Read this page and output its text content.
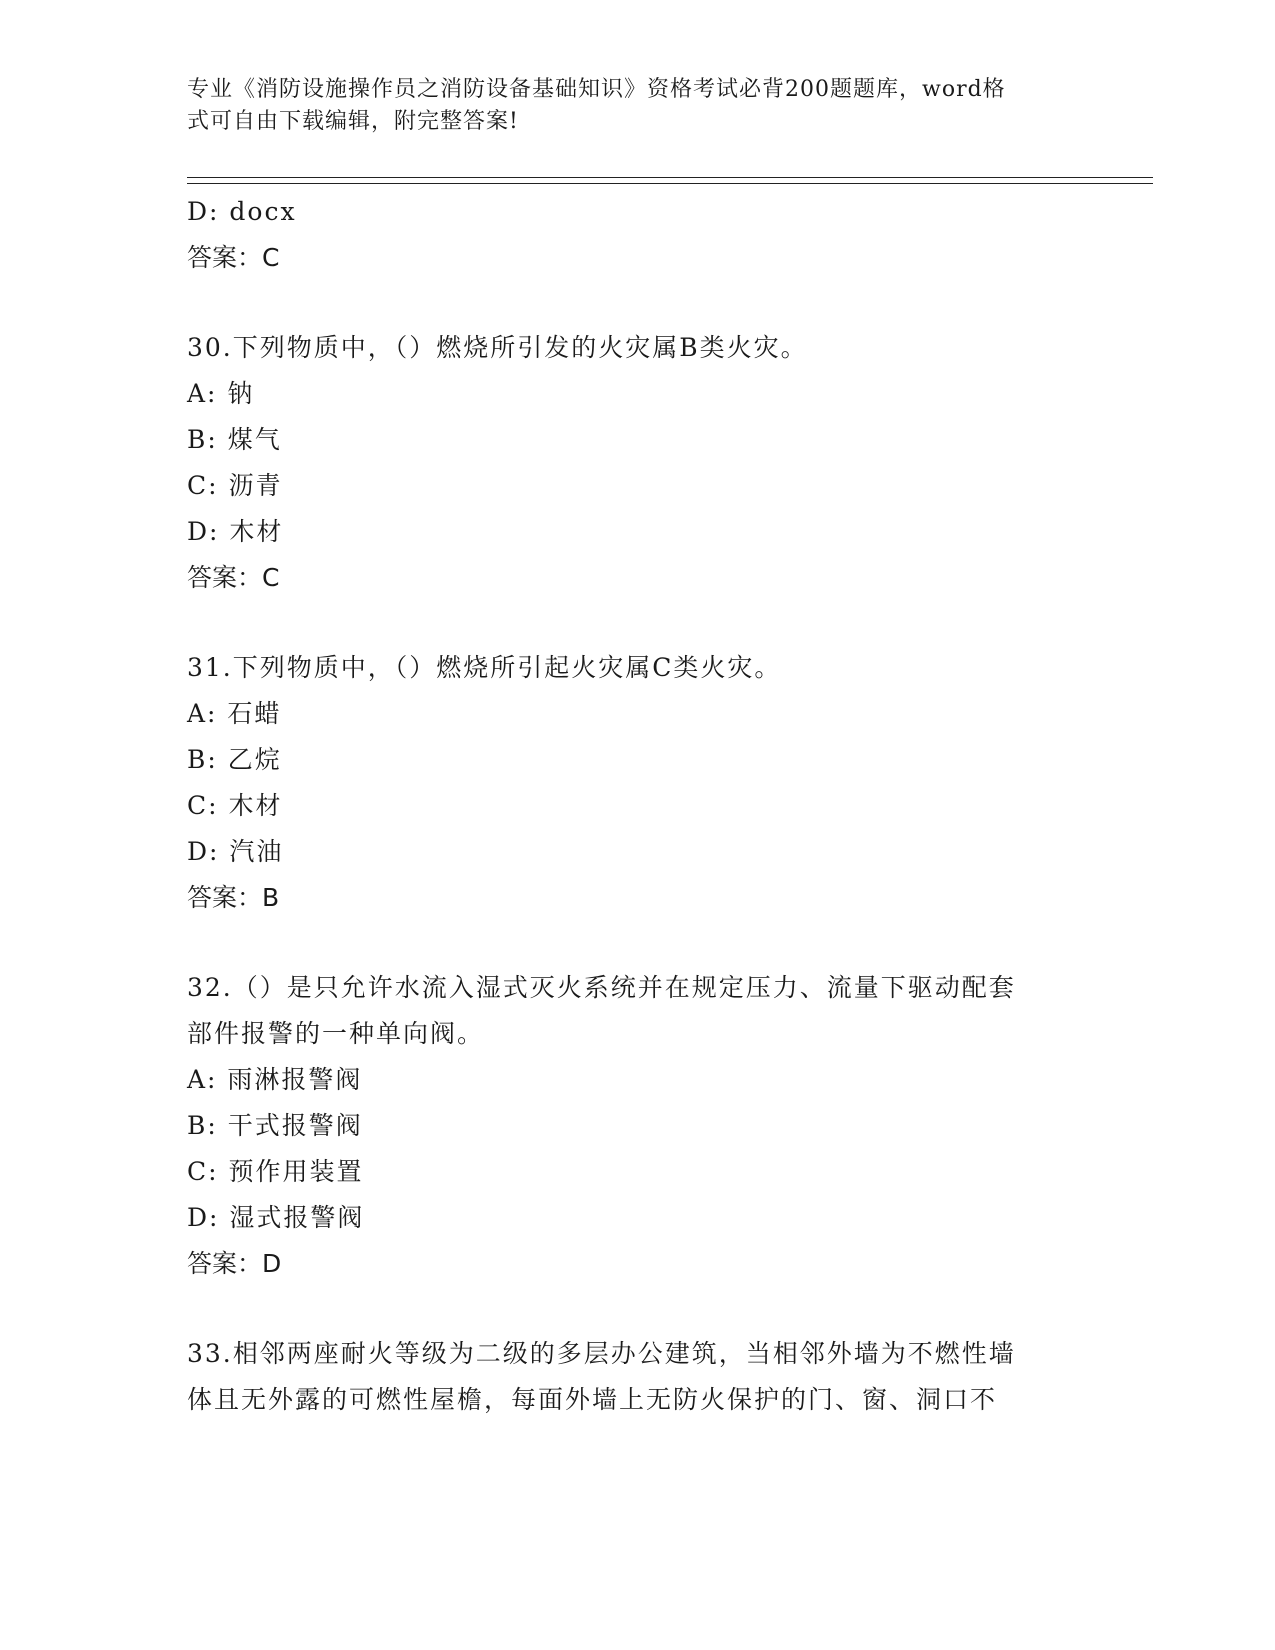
专业《消防设施操作员之消防设备基础知识》资格考试必背200题题库，word格
式可自由下载编辑，附完整答案!
D: docx
答案：C
30.下列物质中，（）燃烧所引发的火灾属B类火灾。
A: 钠
B: 煤气
C: 沥青
D: 木材
答案：C
31.下列物质中，（）燃烧所引起火灾属C类火灾。
A: 石蜡
B: 乙烷
C: 木材
D: 汽油
答案：B
32.（）是只允许水流入湿式灭火系统并在规定压力、流量下驱动配套
部件报警的一种单向阀。
A: 雨淋报警阀
B: 干式报警阀
C: 预作用装置
D: 湿式报警阀
答案：D
33.相邻两座耐火等级为二级的多层办公建筑，当相邻外墙为不燃性墙
体且无外露的可燃性屋檐，每面外墙上无防火保护的门、窗、洞口不
